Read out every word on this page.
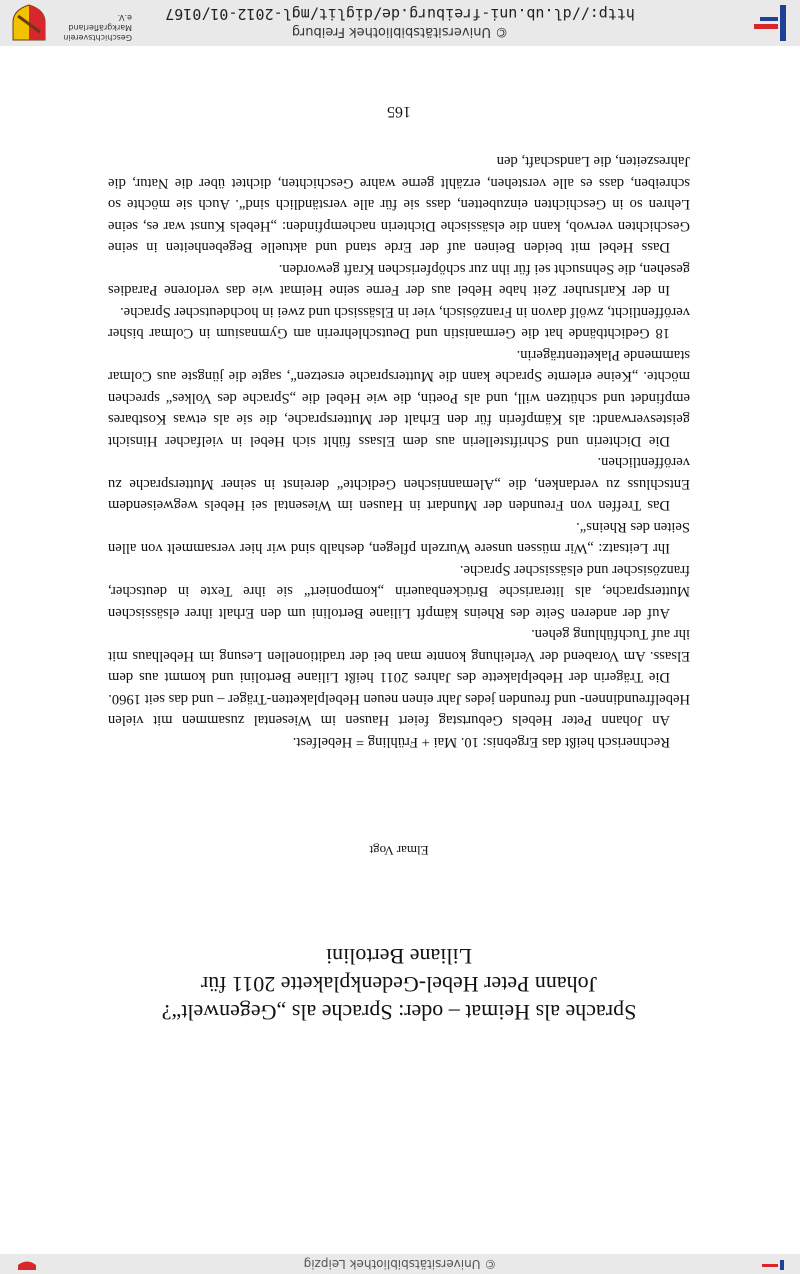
© Universitätsbibliothek Leipzig
Sprache als Heimat – oder: Sprache als „Gegenwelt“?
Johann Peter Hebel-Gedenkplakette 2011 für
Liliane Bertolini
Elmar Vogt

Rechnerisch heißt das Ergebnis: 10. Mai + Frühling = Hebelfest.

An Johann Peter Hebels Geburtstag feiert Hausen im Wiesental zusammen mit vielen Hebelfreundinnen- und freunden jedes Jahr einen neuen Hebelplaketten-Träger – und das seit 1960.

Die Trägerin der Hebelplakette des Jahres 2011 heißt Liliane Bertolini und kommt aus dem Elsass. Am Vorabend der Verleihung konnte man bei der traditionellen Lesung im Hebelhaus mit ihr auf Tuchfühlung gehen.

Auf der anderen Seite des Rheins kämpft Liliane Bertolini um den Erhalt ihrer elsässischen Muttersprache, als literarische Brückenbauerin „komponiert“ sie ihre Texte in deutscher, französischer und elsässischer Sprache.

Ihr Leitsatz: „Wir müssen unsere Wurzeln pflegen, deshalb sind wir hier versammelt von allen Seiten des Rheins“.

Das Treffen von Freunden der Mundart in Hausen im Wiesental sei Hebels wegweisendem Entschluss zu verdanken, die „Alemannischen Gedichte“ dereinst in seiner Muttersprache zu veröffentlichen.

Die Dichterin und Schriftstellerin aus dem Elsass fühlt sich Hebel in vielfacher Hinsicht geistesverwandt: als Kämpferin für den Erhalt der Muttersprache, die sie als etwas Kostbares empfindet und schützen will, und als Poetin, die wie Hebel die „Sprache des Volkes“ sprechen möchte. „Keine erlernte Sprache kann die Muttersprache ersetzen“, sagte die jüngste aus Colmar stammende Plakettenträgerin.

18 Gedichtbände hat die Germanistin und Deutschlehrerin am Gymnasium in Colmar bisher veröffentlicht, zwölf davon in Französisch, vier in Elsässisch und zwei in hochdeutscher Sprache.

In der Karlsruher Zeit habe Hebel aus der Ferne seine Heimat wie das verlorene Paradies gesehen, die Sehnsucht sei für ihn zur schöpferischen Kraft geworden.

Dass Hebel mit beiden Beinen auf der Erde stand und aktuelle Begebenheiten in seine Geschichten verwob, kann die elsässische Dichterin nachempfinden: „Hebels Kunst war es, seine Lehren so in Geschichten einzubetten, dass sie für alle verständlich sind“. Auch sie möchte so schreiben, dass es alle verstehen, erzählt gerne wahre Geschichten, dichtet über die Natur, die Jahreszeiten, die Landschaft, den

165
© Universitätsbibliothek Freiburg
http://dl.ub.uni-freiburg.de/diglit/mgl-2012-01/0167
Geschichtsverein
Markgräflerland e.V.
